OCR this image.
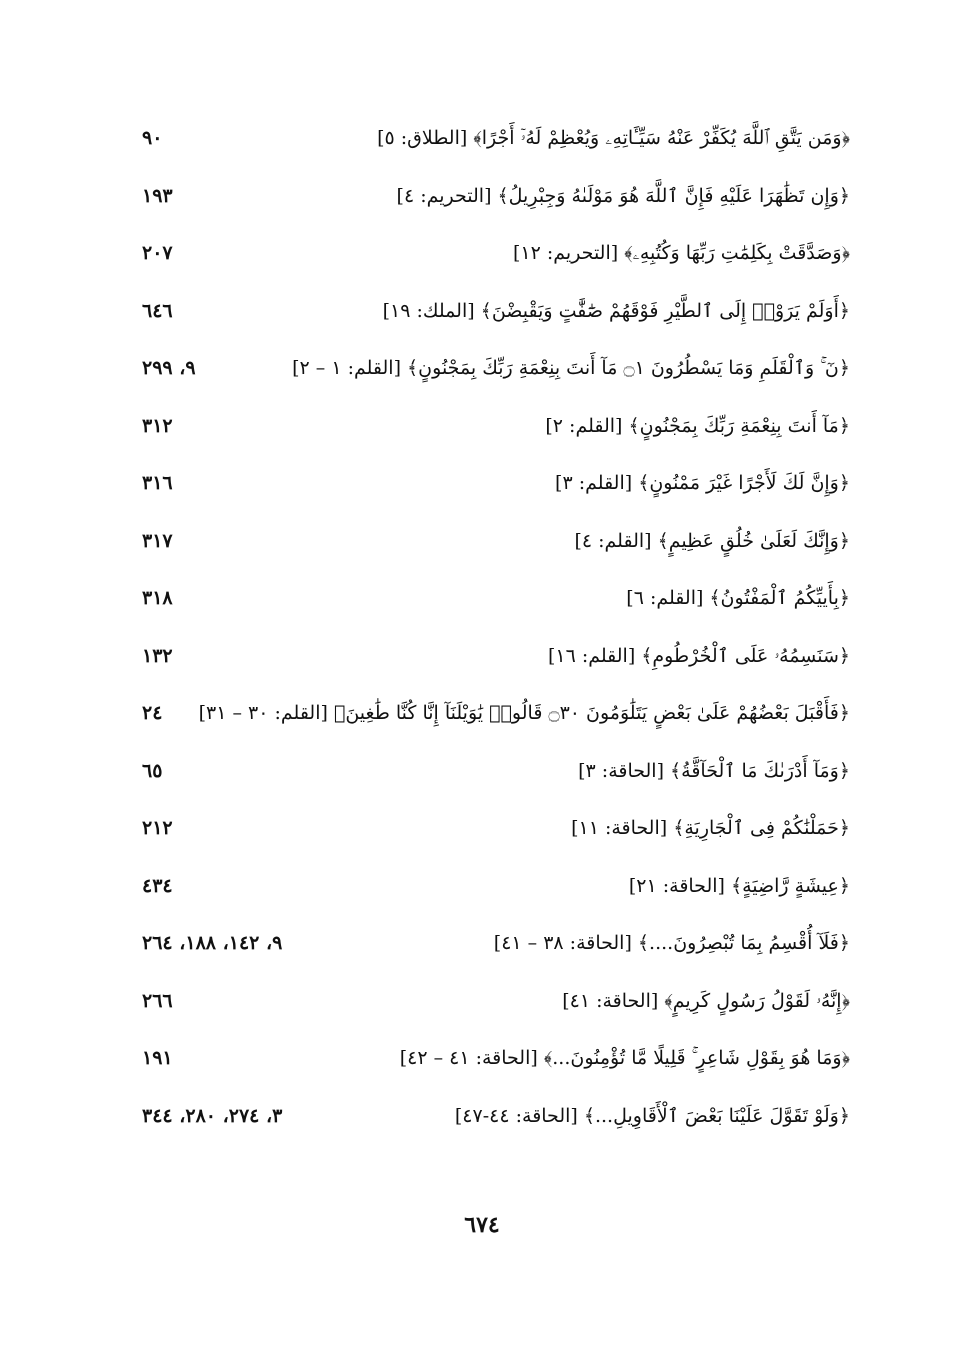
﴿وَمَن يَتَّقِ ٱللَّهَ يُكَفِّرْ عَنْهُ سَيِّـَٔاتِهِۦ وَيُعْظِمْ لَهُۥٓ أَجْرًا﴾ [الطلاق: ٥]
٩٠
﴿وَإِن تَظَٰهَرَا عَلَيْهِ فَإِنَّ ٱللَّهَ هُوَ مَوْلَىٰهُ وَجِبْرِيلُ﴾ [التحريم: ٤]
١٩٣
﴿وَصَدَّقَتْ بِكَلِمَٰتِ رَبِّهَا وَكُتُبِهِۦ﴾ [التحريم: ١٢]
٢٠٧
﴿أَوَلَمْ يَرَوْا۟ إِلَى ٱلطَّيْرِ فَوْقَهُمْ صَٰٓفَّٰتٍ وَيَقْبِضْنَ﴾ [الملك: ١٩]
٦٤٦
﴿نٓ ۚ وَٱلْقَلَمِ وَمَا يَسْطُرُونَ ۝١ مَآ أَنتَ بِنِعْمَةِ رَبِّكَ بِمَجْنُونٍ﴾ [القلم: ١ – ٢]
٩، ٢٩٩
﴿مَآ أَنتَ بِنِعْمَةِ رَبِّكَ بِمَجْنُونٍ﴾ [القلم: ٢]
٣١٢
﴿وَإِنَّ لَكَ لَأَجْرًا غَيْرَ مَمْنُونٍ﴾ [القلم: ٣]
٣١٦
﴿وَإِنَّكَ لَعَلَىٰ خُلُقٍ عَظِيمٍ﴾ [القلم: ٤]
٣١٧
﴿بِأَييِّكُمُ ٱلْمَفْتُونُ﴾ [القلم: ٦]
٣١٨
﴿سَنَسِمُهُۥ عَلَى ٱلْخُرْطُومِ﴾ [القلم: ١٦]
١٣٢
﴿فَأَقْبَلَ بَعْضُهُمْ عَلَىٰ بَعْضٍ يَتَلَٰوَمُونَ ۝٣٠ قَالُوا۟ يَٰوَيْلَنَآ إِنَّا كُنَّا طَٰغِينَ﴾ [القلم: ٣٠ – ٣١]
٢٤
﴿وَمَآ أَدْرَىٰكَ مَا ٱلْحَآقَّةُ﴾ [الحاقة: ٣]
٦٥
﴿حَمَلْنَٰكُمْ فِى ٱلْجَارِيَةِ﴾ [الحاقة: ١١]
٢١٢
﴿عِيشَةٍ رَّاضِيَةٍ﴾ [الحاقة: ٢١]
٤٣٤
﴿فَلَآ أُقْسِمُ بِمَا تُبْصِرُونَ....﴾ [الحاقة: ٣٨ – ٤١]
٩، ١٤٢، ١٨٨، ٢٦٤
﴿إِنَّهُۥ لَقَوْلُ رَسُولٍ كَرِيمٍ﴾ [الحاقة: ٤١]
٢٦٦
﴿وَمَا هُوَ بِقَوْلِ شَاعِرٍ ۚ قَلِيلًا مَّا تُؤْمِنُونَ...﴾ [الحاقة: ٤١ – ٤٢]
١٩١
﴿وَلَوْ تَقَوَّلَ عَلَيْنَا بَعْضَ ٱلْأَقَاوِيلِ...﴾ [الحاقة: ٤٤-٤٧]
٣، ٢٧٤، ٢٨٠، ٣٤٤
٦٧٤
